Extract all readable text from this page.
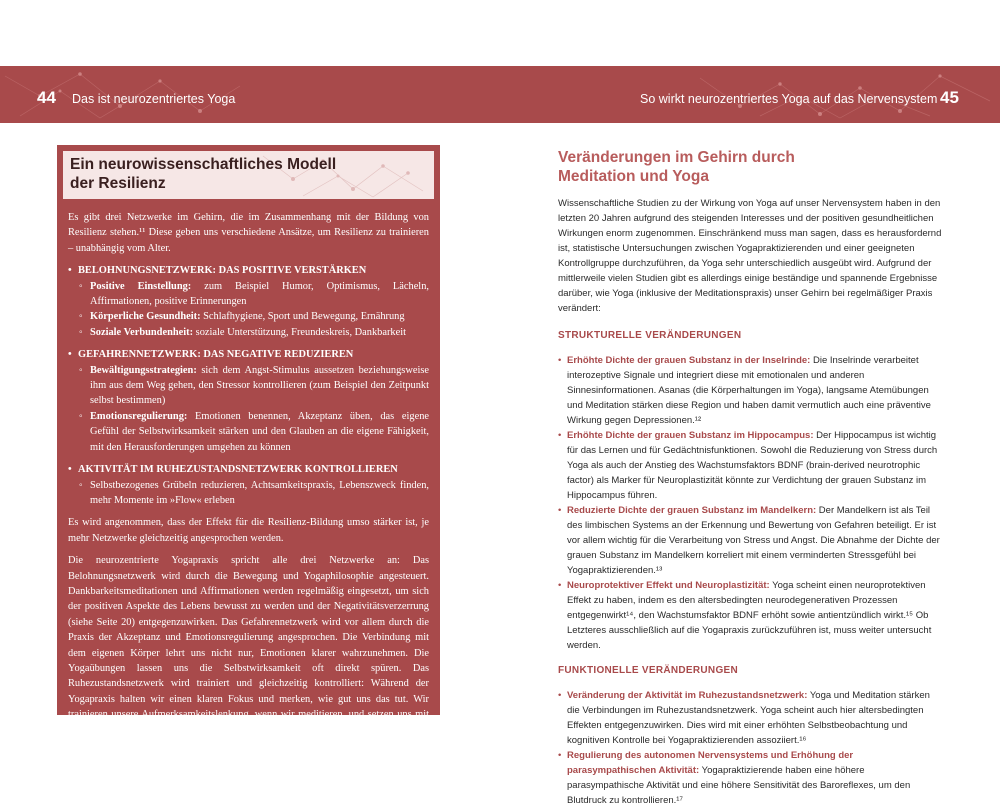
44 Das ist neurozentriertes Yoga	So wirkt neurozentriertes Yoga auf das Nervensystem 45
Ein neurowissenschaftliches Modell
der Resilienz

Es gibt drei Netzwerke im Gehirn, die im Zusammenhang mit der Bildung von Resilienz stehen.¹¹ Diese geben uns verschiedene Ansätze, um Resilienz zu trainieren – unabhängig vom Alter.

• BELOHNUNGSNETZWERK: DAS POSITIVE VERSTÄRKEN
◦ Positive Einstellung: zum Beispiel Humor, Optimismus, Lächeln, Affirmationen, positive Erinnerungen
◦ Körperliche Gesundheit: Schlafhygiene, Sport und Bewegung, Ernährung
◦ Soziale Verbundenheit: soziale Unterstützung, Freundeskreis, Dankbarkeit
• GEFAHRENNETZWERK: DAS NEGATIVE REDUZIEREN
◦ Bewältigungsstrategien: sich dem Angst-Stimulus aussetzen beziehungsweise ihm aus dem Weg gehen, den Stressor kontrollieren (zum Beispiel den Zeitpunkt selbst bestimmen)
◦ Emotionsregulierung: Emotionen benennen, Akzeptanz üben, das eigene Gefühl der Selbstwirksamkeit stärken und den Glauben an die eigene Fähigkeit, mit den Herausforderungen umgehen zu können
• AKTIVITÄT IM RUHEZUSTANDSNETZWERK KONTROLLIEREN
◦ Selbstbezogenes Grübeln reduzieren, Achtsamkeitspraxis, Lebenszweck finden, mehr Momente im »Flow« erleben

Es wird angenommen, dass der Effekt für die Resilienz-Bildung umso stärker ist, je mehr Netzwerke gleichzeitig angesprochen werden.

Die neurozentrierte Yogapraxis spricht alle drei Netzwerke an: Das Belohnungsnetzwerk wird durch die Bewegung und Yogaphilosophie angesteuert. Dankbarkeitsmeditationen und Affirmationen werden regelmäßig eingesetzt, um sich der positiven Aspekte des Lebens bewusst zu werden und der Negativitätsverzerrung (siehe Seite 20) entgegenzuwirken. Das Gefahrennetzwerk wird vor allem durch die Praxis der Akzeptanz und Emotionsregulierung angesprochen. Die Verbindung mit dem eigenen Körper lehrt uns nicht nur, Emotionen klarer wahrzunehmen. Die Yogaübungen lassen uns die Selbstwirksamkeit oft direkt spüren. Das Ruhezustandsnetzwerk wird trainiert und gleichzeitig kontrolliert: Während der Yogapraxis halten wir einen klaren Fokus und merken, wie gut uns das tut. Wir trainieren unsere Aufmerksamkeitslenkung, wenn wir meditieren, und setzen uns mit unserem eigenen Dharma, unserem Lebenszweck, auseinander.

Veränderungen im Gehirn durch
Meditation und Yoga

Wissenschaftliche Studien zu der Wirkung von Yoga auf unser Nervensystem haben in den letzten 20 Jahren aufgrund des steigenden Interesses und der positiven gesundheitlichen Wirkungen enorm zugenommen. Einschränkend muss man sagen, dass es herausfordernd ist, statistische Untersuchungen zwischen Yogapraktizierenden und einer geeigneten Kontrollgruppe durchzuführen, da Yoga sehr unterschiedlich ausgeübt wird. Aufgrund der mittlerweile vielen Studien gibt es allerdings einige beständige und spannende Ergebnisse darüber, wie Yoga (inklusive der Meditationspraxis) unser Gehirn bei regelmäßiger Praxis verändert:

STRUKTURELLE VERÄNDERUNGEN

• Erhöhte Dichte der grauen Substanz in der Inselrinde: Die Inselrinde verarbeitet interozeptive Signale und integriert diese mit emotionalen und anderen Sinnesinformationen. Asanas (die Körperhaltungen im Yoga), langsame Atemübungen und Meditation stärken diese Region und haben damit vermutlich auch eine präventive Wirkung gegen Depressionen.¹²

• Erhöhte Dichte der grauen Substanz im Hippocampus: Der Hippocampus ist wichtig für das Lernen und für Gedächtnisfunktionen. Sowohl die Reduzierung von Stress durch Yoga als auch der Anstieg des Wachstumsfaktors BDNF (brain-derived neurotrophic factor) als Marker für Neuroplastizität könnte zur Verdichtung der grauen Substanz im Hippocampus führen.

• Reduzierte Dichte der grauen Substanz im Mandelkern: Der Mandelkern ist als Teil des limbischen Systems an der Erkennung und Bewertung von Gefahren beteiligt. Er ist vor allem wichtig für die Verarbeitung von Stress und Angst. Die Abnahme der Dichte der grauen Substanz im Mandelkern korreliert mit einem verminderten Stressgefühl bei Yogapraktizierenden.¹³

• Neuroprotektiver Effekt und Neuroplastizität: Yoga scheint einen neuroprotektiven Effekt zu haben, indem es den altersbedingten neurodegenerativen Prozessen entgegenwirkt¹⁴, den Wachstumsfaktor BDNF erhöht sowie antientzündlich wirkt.¹⁵ Ob Letzteres ausschließlich auf die Yogapraxis zurückzuführen ist, muss weiter untersucht werden.

FUNKTIONELLE VERÄNDERUNGEN

• Veränderung der Aktivität im Ruhezustandsnetzwerk: Yoga und Meditation stärken die Verbindungen im Ruhezustandsnetzwerk. Yoga scheint auch hier altersbedingten Effekten entgegenzuwirken. Dies wird mit einer erhöhten Selbstbeobachtung und kognitiven Kontrolle bei Yogapraktizierenden assoziiert.¹⁶

• Regulierung des autonomen Nervensystems und Erhöhung der parasympathischen Aktivität: Yogapraktizierende haben eine höhere parasympathische Aktivität und eine höhere Sensitivität des Baroreflexes, um den Blutdruck zu kontrollieren.¹⁷
